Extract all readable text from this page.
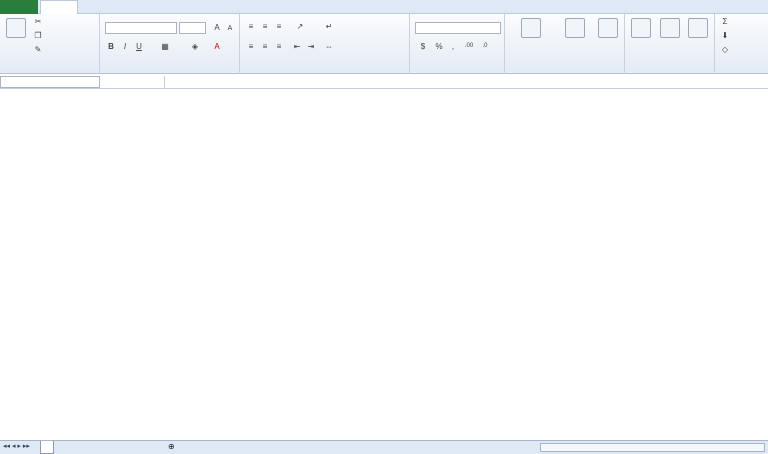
✂
❐
✎
A	A
B	I	U ▦	◈ A
≡	≡	≡	↗	↵
≡	≡	≡	⇤ ⇥ ⇔	$	%	,	.00	.0
Σ
⬇
◇
◂◂ ◂ ▸ ▸▸	⊕
